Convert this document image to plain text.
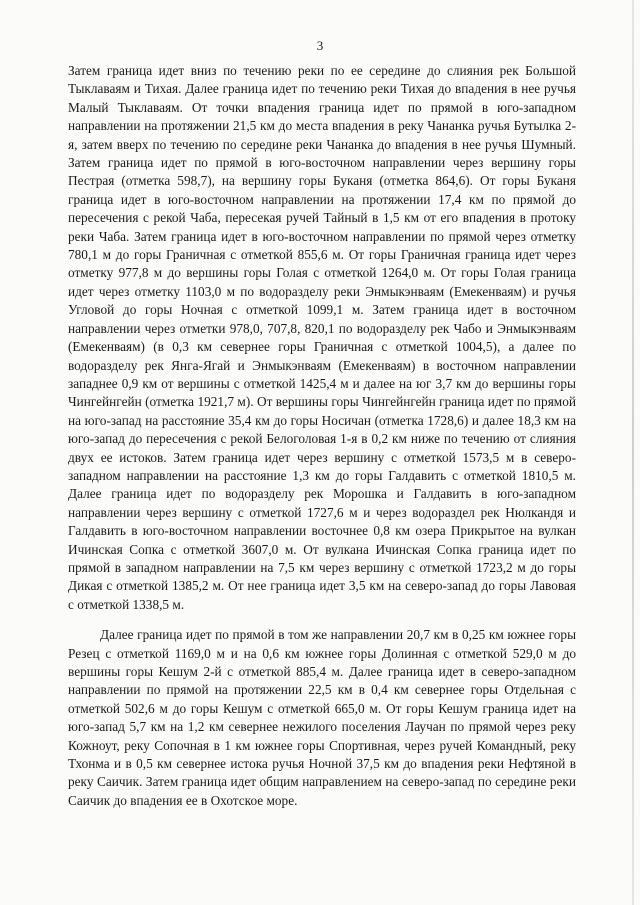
3

Затем граница идет вниз по течению реки по ее середине до слияния рек Большой Тыклаваям и Тихая. Далее граница идет по течению реки Тихая до впадения в нее ручья Малый Тыклаваям. От точки впадения граница идет по прямой в юго-западном направлении на протяжении 21,5 км до места впадения в реку Чананка ручья Бутылка 2-я, затем вверх по течению по середине реки Чананка до впадения в нее ручья Шумный. Затем граница идет по прямой в юго-восточном направлении через вершину горы Пестрая (отметка 598,7), на вершину горы Буканя (отметка 864,6). От горы Буканя граница идет в юго-восточном направлении на протяжении 17,4 км по прямой до пересечения с рекой Чаба, пересекая ручей Тайный в 1,5 км от его впадения в протоку реки Чаба. Затем граница идет в юго-восточном направлении по прямой через отметку 780,1 м до горы Граничная с отметкой 855,6 м. От горы Граничная граница идет через отметку 977,8 м до вершины горы Голая с отметкой 1264,0 м. От горы Голая граница идет через отметку 1103,0 м по водоразделу реки Энмыкэнваям (Емекенваям) и ручья Угловой до горы Ночная с отметкой 1099,1 м. Затем граница идет в восточном направлении через отметки 978,0, 707,8, 820,1 по водоразделу рек Чабо и Энмыкэнваям (Емекенваям) (в 0,3 км севернее горы Граничная с отметкой 1004,5), а далее по водоразделу рек Янга-Ягай и Энмыкэнваям (Емекенваям) в восточном направлении западнее 0,9 км от вершины с отметкой 1425,4 м и далее на юг 3,7 км до вершины горы Чингейнгейн (отметка 1921,7 м). От вершины горы Чингейнгейн граница идет по прямой на юго-запад на расстояние 35,4 км до горы Носичан (отметка 1728,6) и далее 18,3 км на юго-запад до пересечения с рекой Белоголовая 1-я в 0,2 км ниже по течению от слияния двух ее истоков. Затем граница идет через вершину с отметкой 1573,5 м в северо-западном направлении на расстояние 1,3 км до горы Галдавить с отметкой 1810,5 м. Далее граница идет по водоразделу рек Морошка и Галдавить в юго-западном направлении через вершину с отметкой 1727,6 м и через водораздел рек Нюлкандя и Галдавить в юго-восточном направлении восточнее 0,8 км озера Прикрытое на вулкан Ичинская Сопка с отметкой 3607,0 м. От вулкана Ичинская Сопка граница идет по прямой в западном направлении на 7,5 км через вершину с отметкой 1723,2 м до горы Дикая с отметкой 1385,2 м. От нее граница идет 3,5 км на северо-запад до горы Лавовая с отметкой 1338,5 м.

Далее граница идет по прямой в том же направлении 20,7 км в 0,25 км южнее горы Резец с отметкой 1169,0 м и на 0,6 км южнее горы Долинная с отметкой 529,0 м до вершины горы Кешум 2-й с отметкой 885,4 м. Далее граница идет в северо-западном направлении по прямой на протяжении 22,5 км в 0,4 км севернее горы Отдельная с отметкой 502,6 м до горы Кешум с отметкой 665,0 м. От горы Кешум граница идет на юго-запад 5,7 км на 1,2 км севернее нежилого поселения Лаучан по прямой через реку Кожноут, реку Сопочная в 1 км южнее горы Спортивная, через ручей Командный, реку Тхонма и в 0,5 км севернее истока ручья Ночной 37,5 км до впадения реки Нефтяной в реку Саичик. Затем граница идет общим направлением на северо-запад по середине реки Саичик до впадения ее в Охотское море.
